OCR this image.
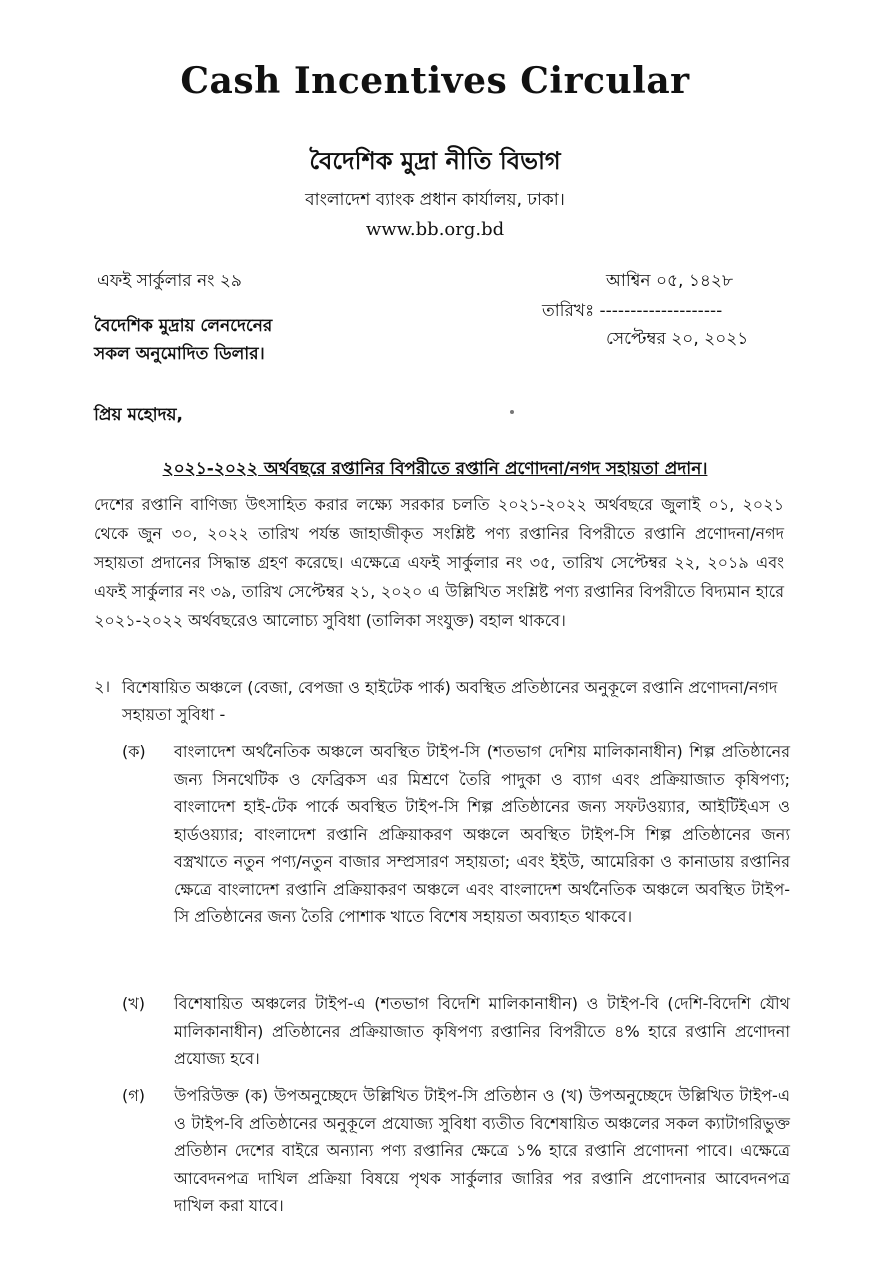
Cash Incentives Circular
বৈদেশিক মুদ্রা নীতি বিভাগ
বাংলাদেশ ব্যাংক প্রধান কার্যালয়, ঢাকা।
www.bb.org.bd
এফই সার্কুলার নং ২৯	আশ্বিন ০৫, ১৪২৮
তারিখঃ --------------------
সেপ্টেম্বর ২০, ২০২১
বৈদেশিক মুদ্রায় লেনদেনের
সকল অনুমোদিত ডিলার।
প্রিয় মহোদয়,
২০২১-২০২২ অর্থবছরে রপ্তানির বিপরীতে রপ্তানি প্রণোদনা/নগদ সহায়তা প্রদান।
দেশের রপ্তানি বাণিজ্য উৎসাহিত করার লক্ষ্যে সরকার চলতি ২০২১-২০২২ অর্থবছরে জুলাই ০১, ২০২১ থেকে জুন ৩০, ২০২২ তারিখ পর্যন্ত জাহাজীকৃত সংশ্লিষ্ট পণ্য রপ্তানির বিপরীতে রপ্তানি প্রণোদনা/নগদ সহায়তা প্রদানের সিদ্ধান্ত গ্রহণ করেছে। এক্ষেত্রে এফই সার্কুলার নং ৩৫, তারিখ সেপ্টেম্বর ২২, ২০১৯ এবং এফই সার্কুলার নং ৩৯, তারিখ সেপ্টেম্বর ২১, ২০২০ এ উল্লিখিত সংশ্লিষ্ট পণ্য রপ্তানির বিপরীতে বিদ্যমান হারে ২০২১-২০২২ অর্থবছরেও আলোচ্য সুবিধা (তালিকা সংযুক্ত) বহাল থাকবে।
২। বিশেষায়িত অঞ্চলে (বেজা, বেপজা ও হাইটেক পার্ক) অবস্থিত প্রতিষ্ঠানের অনুকূলে রপ্তানি প্রণোদনা/নগদ সহায়তা সুবিধা -
(ক)	বাংলাদেশ অর্থনৈতিক অঞ্চলে অবস্থিত টাইপ-সি (শতভাগ দেশিয় মালিকানাধীন) শিল্প প্রতিষ্ঠানের জন্য সিনথেটিক ও ফেব্রিকস এর মিশ্রণে তৈরি পাদুকা ও ব্যাগ এবং প্রক্রিয়াজাত কৃষিপণ্য; বাংলাদেশ হাই-টেক পার্কে অবস্থিত টাইপ-সি শিল্প প্রতিষ্ঠানের জন্য সফটওয়্যার, আইটিইএস ও হার্ডওয়্যার; বাংলাদেশ রপ্তানি প্রক্রিয়াকরণ অঞ্চলে অবস্থিত টাইপ-সি শিল্প প্রতিষ্ঠানের জন্য বস্ত্রখাতে নতুন পণ্য/নতুন বাজার সম্প্রসারণ সহায়তা; এবং ইইউ, আমেরিকা ও কানাডায় রপ্তানির ক্ষেত্রে বাংলাদেশ রপ্তানি প্রক্রিয়াকরণ অঞ্চলে এবং বাংলাদেশ অর্থনৈতিক অঞ্চলে অবস্থিত টাইপ-সি প্রতিষ্ঠানের জন্য তৈরি পোশাক খাতে বিশেষ সহায়তা অব্যাহত থাকবে।
(খ)	বিশেষায়িত অঞ্চলের টাইপ-এ (শতভাগ বিদেশি মালিকানাধীন) ও টাইপ-বি (দেশি-বিদেশি যৌথ মালিকানাধীন) প্রতিষ্ঠানের প্রক্রিয়াজাত কৃষিপণ্য রপ্তানির বিপরীতে ৪% হারে রপ্তানি প্রণোদনা প্রযোজ্য হবে।
(গ)	উপরিউক্ত (ক) উপঅনুচ্ছেদে উল্লিখিত টাইপ-সি প্রতিষ্ঠান ও (খ) উপঅনুচ্ছেদে উল্লিখিত টাইপ-এ ও টাইপ-বি প্রতিষ্ঠানের অনুকূলে প্রযোজ্য সুবিধা ব্যতীত বিশেষায়িত অঞ্চলের সকল ক্যাটাগরিভুক্ত প্রতিষ্ঠান দেশের বাইরে অন্যান্য পণ্য রপ্তানির ক্ষেত্রে ১% হারে রপ্তানি প্রণোদনা পাবে। এক্ষেত্রে আবেদনপত্র দাখিল প্রক্রিয়া বিষয়ে পৃথক সার্কুলার জারির পর রপ্তানি প্রণোদনার আবেদনপত্র দাখিল করা যাবে।
